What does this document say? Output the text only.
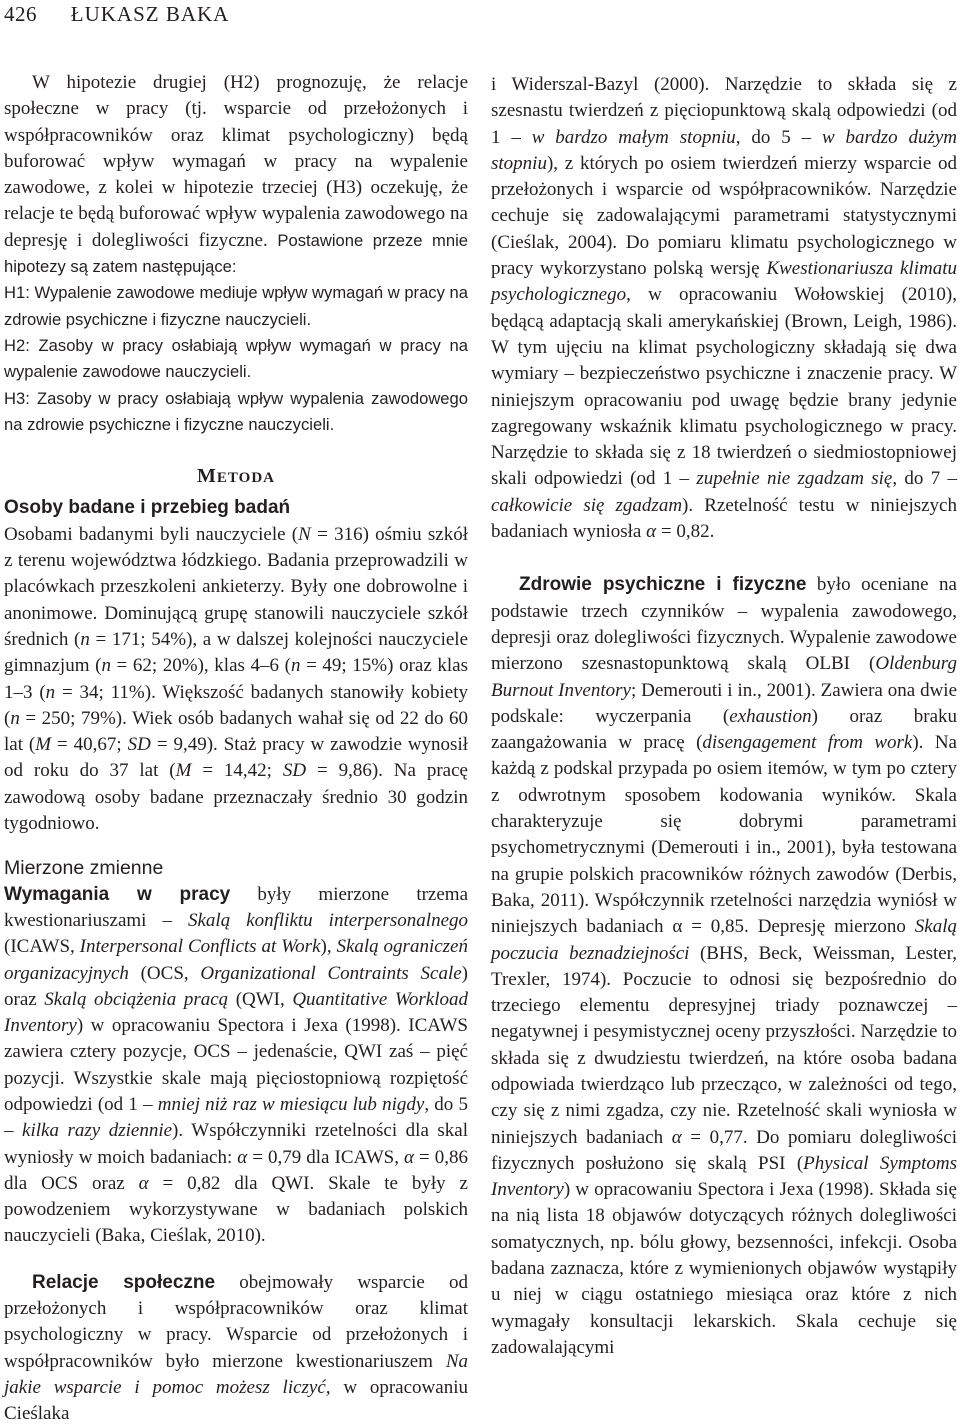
426 ŁUKASZ BAKA

W hipotezie drugiej (H2) prognozuję, że relacje społeczne w pracy (tj. wsparcie od przełożonych i współpracowników oraz klimat psychologiczny) będą buforować wpływ wymagań w pracy na wypalenie zawodowe, z kolei w hipotezie trzeciej (H3) oczekuję, że relacje te będą buforować wpływ wypalenia zawodowego na depresję i dolegliwości fizyczne. Postawione przeze mnie hipotezy są zatem następujące:

H1: Wypalenie zawodowe mediuje wpływ wymagań w pracy na zdrowie psychiczne i fizyczne nauczycieli.

H2: Zasoby w pracy osłabiają wpływ wymagań w pracy na wypalenie zawodowe nauczycieli.

H3: Zasoby w pracy osłabiają wpływ wypalenia zawodowego na zdrowie psychiczne i fizyczne nauczycieli.

METODA
Osoby badane i przebieg badań

Osobami badanymi byli nauczyciele (N = 316) ośmiu szkół z terenu województwa łódzkiego. Badania przeprowadzili w placówkach przeszkoleni ankieterzy. Były one dobrowolne i anonimowe. Dominującą grupę stanowili nauczyciele szkół średnich (n = 171; 54%), a w dalszej kolejności nauczyciele gimnazjum (n = 62; 20%), klas 4–6 (n = 49; 15%) oraz klas 1–3 (n = 34; 11%). Większość badanych stanowiły kobiety (n = 250; 79%). Wiek osób badanych wahał się od 22 do 60 lat (M = 40,67; SD = 9,49). Staż pracy w zawodzie wynosił od roku do 37 lat (M = 14,42; SD = 9,86). Na pracę zawodową osoby badane przeznaczały średnio 30 godzin tygodniowo.

Mierzone zmienne

Wymagania w pracy były mierzone trzema kwestionariuszami – Skalą konfliktu interpersonalnego (ICAWS, Interpersonal Conflicts at Work), Skalą ograniczeń organizacyjnych (OCS, Organizational Contraints Scale) oraz Skalą obciążenia pracą (QWI, Quantitative Workload Inventory) w opracowaniu Spectora i Jexa (1998). ICAWS zawiera cztery pozycje, OCS – jedenaście, QWI zaś – pięć pozycji. Wszystkie skale mają pięciostopniową rozpiętość odpowiedzi (od 1 – mniej niż raz w miesiącu lub nigdy, do 5 – kilka razy dziennie). Współczynniki rzetelności dla skal wyniosły w moich badaniach: α = 0,79 dla ICAWS, α = 0,86 dla OCS oraz α = 0,82 dla QWI. Skale te były z powodzeniem wykorzystywane w badaniach polskich nauczycieli (Baka, Cieślak, 2010).

Relacje społeczne obejmowały wsparcie od przełożonych i współpracowników oraz klimat psychologiczny w pracy. Wsparcie od przełożonych i współpracowników było mierzone kwestionariuszem Na jakie wsparcie i pomoc możesz liczyć, w opracowaniu Cieślaka

i Widerszal-Bazyl (2000). Narzędzie to składa się z szesnastu twierdzeń z pięciopunktową skalą odpowiedzi (od 1 – w bardzo małym stopniu, do 5 – w bardzo dużym stopniu), z których po osiem twierdzeń mierzy wsparcie od przełożonych i wsparcie od współpracowników. Narzędzie cechuje się zadowalającymi parametrami statystycznymi (Cieślak, 2004). Do pomiaru klimatu psychologicznego w pracy wykorzystano polską wersję Kwestionariusza klimatu psychologicznego, w opracowaniu Wołowskiej (2010), będącą adaptacją skali amerykańskiej (Brown, Leigh, 1986). W tym ujęciu na klimat psychologiczny składają się dwa wymiary – bezpieczeństwo psychiczne i znaczenie pracy. W niniejszym opracowaniu pod uwagę będzie brany jedynie zagregowany wskaźnik klimatu psychologicznego w pracy. Narzędzie to składa się z 18 twierdzeń o siedmiostopniowej skali odpowiedzi (od 1 – zupełnie nie zgadzam się, do 7 – całkowicie się zgadzam). Rzetelność testu w niniejszych badaniach wyniosła α = 0,82.

Zdrowie psychiczne i fizyczne było oceniane na podstawie trzech czynników – wypalenia zawodowego, depresji oraz dolegliwości fizycznych. Wypalenie zawodowe mierzono szesnastopunktową skalą OLBI (Oldenburg Burnout Inventory; Demerouti i in., 2001). Zawiera ona dwie podskale: wyczerpania (exhaustion) oraz braku zaangażowania w pracę (disengagement from work). Na każdą z podskal przypada po osiem itemów, w tym po cztery z odwrotnym sposobem kodowania wyników. Skala charakteryzuje się dobrymi parametrami psychometrycznymi (Demerouti i in., 2001), była testowana na grupie polskich pracowników różnych zawodów (Derbis, Baka, 2011). Współczynnik rzetelności narzędzia wyniósł w niniejszych badaniach α = 0,85. Depresję mierzono Skalą poczucia beznadziejności (BHS, Beck, Weissman, Lester, Trexler, 1974). Poczucie to odnosi się bezpośrednio do trzeciego elementu depresyjnej triady poznawczej – negatywnej i pesymistycznej oceny przyszłości. Narzędzie to składa się z dwudziestu twierdzeń, na które osoba badana odpowiada twierdząco lub przecząco, w zależności od tego, czy się z nimi zgadza, czy nie. Rzetelność skali wyniosła w niniejszych badaniach α = 0,77. Do pomiaru dolegliwości fizycznych posłużono się skalą PSI (Physical Symptoms Inventory) w opracowaniu Spectora i Jexa (1998). Składa się na nią lista 18 objawów dotyczących różnych dolegliwości somatycznych, np. bólu głowy, bezsenności, infekcji. Osoba badana zaznacza, które z wymienionych objawów wystąpiły u niej w ciągu ostatniego miesiąca oraz które z nich wymagały konsultacji lekarskich. Skala cechuje się zadowalającymi
